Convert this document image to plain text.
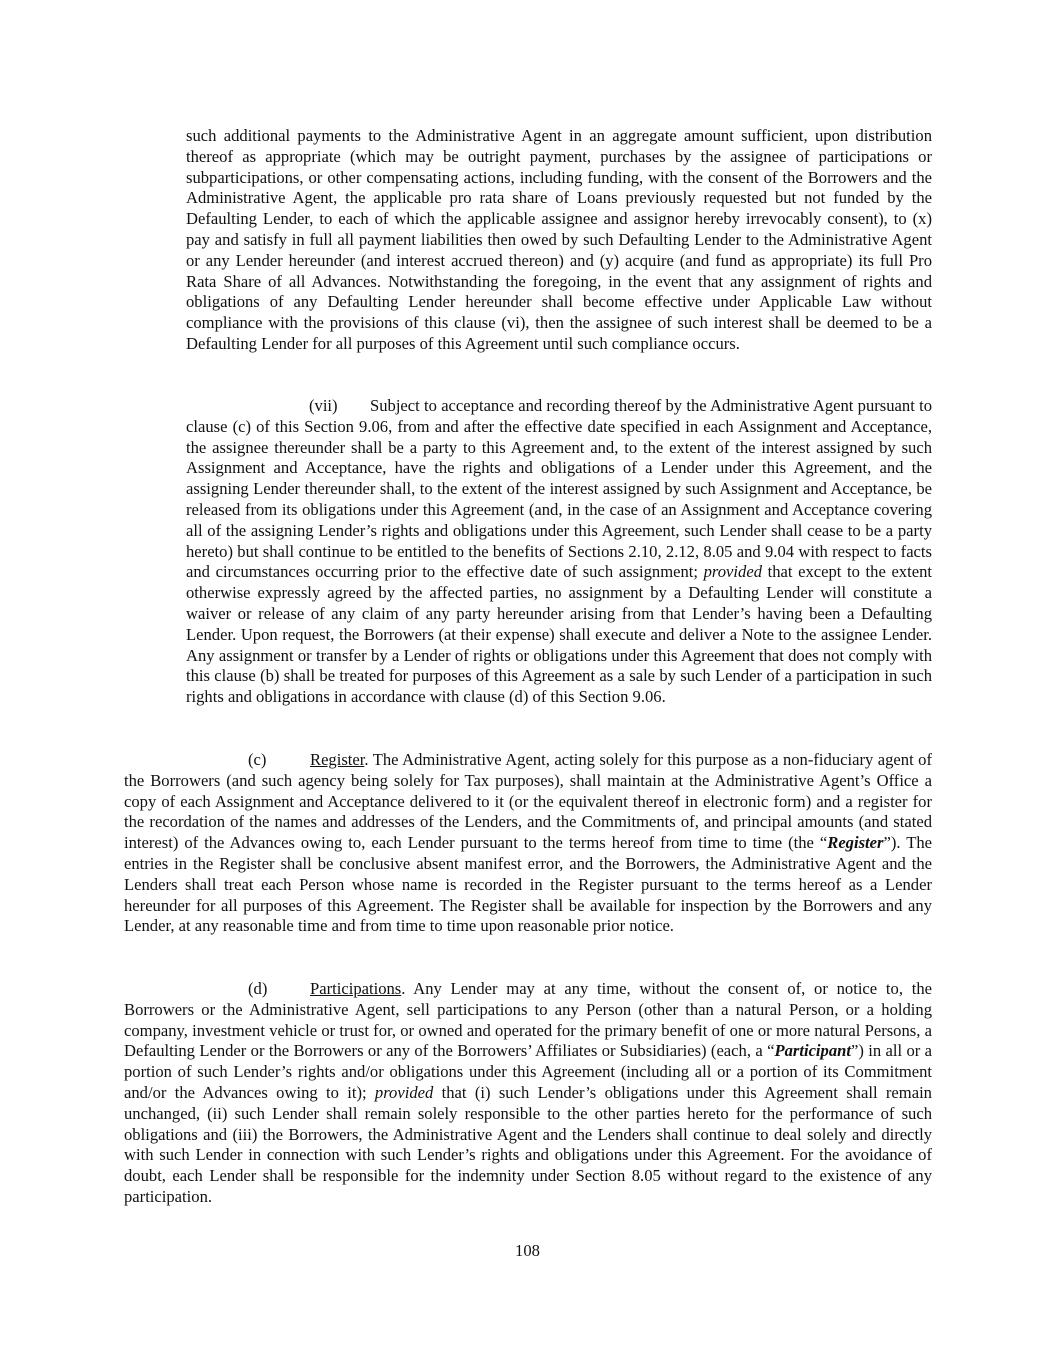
such additional payments to the Administrative Agent in an aggregate amount sufficient, upon distribution thereof as appropriate (which may be outright payment, purchases by the assignee of participations or subparticipations, or other compensating actions, including funding, with the consent of the Borrowers and the Administrative Agent, the applicable pro rata share of Loans previously requested but not funded by the Defaulting Lender, to each of which the applicable assignee and assignor hereby irrevocably consent), to (x) pay and satisfy in full all payment liabilities then owed by such Defaulting Lender to the Administrative Agent or any Lender hereunder (and interest accrued thereon) and (y) acquire (and fund as appropriate) its full Pro Rata Share of all Advances. Notwithstanding the foregoing, in the event that any assignment of rights and obligations of any Defaulting Lender hereunder shall become effective under Applicable Law without compliance with the provisions of this clause (vi), then the assignee of such interest shall be deemed to be a Defaulting Lender for all purposes of this Agreement until such compliance occurs.

(vii) Subject to acceptance and recording thereof by the Administrative Agent pursuant to clause (c) of this Section 9.06, from and after the effective date specified in each Assignment and Acceptance, the assignee thereunder shall be a party to this Agreement and, to the extent of the interest assigned by such Assignment and Acceptance, have the rights and obligations of a Lender under this Agreement, and the assigning Lender thereunder shall, to the extent of the interest assigned by such Assignment and Acceptance, be released from its obligations under this Agreement (and, in the case of an Assignment and Acceptance covering all of the assigning Lender’s rights and obligations under this Agreement, such Lender shall cease to be a party hereto) but shall continue to be entitled to the benefits of Sections 2.10, 2.12, 8.05 and 9.04 with respect to facts and circumstances occurring prior to the effective date of such assignment; provided that except to the extent otherwise expressly agreed by the affected parties, no assignment by a Defaulting Lender will constitute a waiver or release of any claim of any party hereunder arising from that Lender’s having been a Defaulting Lender. Upon request, the Borrowers (at their expense) shall execute and deliver a Note to the assignee Lender. Any assignment or transfer by a Lender of rights or obligations under this Agreement that does not comply with this clause (b) shall be treated for purposes of this Agreement as a sale by such Lender of a participation in such rights and obligations in accordance with clause (d) of this Section 9.06.

(c)	Register. The Administrative Agent, acting solely for this purpose as a non-fiduciary agent of the Borrowers (and such agency being solely for Tax purposes), shall maintain at the Administrative Agent’s Office a copy of each Assignment and Acceptance delivered to it (or the equivalent thereof in electronic form) and a register for the recordation of the names and addresses of the Lenders, and the Commitments of, and principal amounts (and stated interest) of the Advances owing to, each Lender pursuant to the terms hereof from time to time (the “Register”). The entries in the Register shall be conclusive absent manifest error, and the Borrowers, the Administrative Agent and the Lenders shall treat each Person whose name is recorded in the Register pursuant to the terms hereof as a Lender hereunder for all purposes of this Agreement. The Register shall be available for inspection by the Borrowers and any Lender, at any reasonable time and from time to time upon reasonable prior notice.

(d)	Participations. Any Lender may at any time, without the consent of, or notice to, the Borrowers or the Administrative Agent, sell participations to any Person (other than a natural Person, or a holding company, investment vehicle or trust for, or owned and operated for the primary benefit of one or more natural Persons, a Defaulting Lender or the Borrowers or any of the Borrowers’ Affiliates or Subsidiaries) (each, a “Participant”) in all or a portion of such Lender’s rights and/or obligations under this Agreement (including all or a portion of its Commitment and/or the Advances owing to it); provided that (i) such Lender’s obligations under this Agreement shall remain unchanged, (ii) such Lender shall remain solely responsible to the other parties hereto for the performance of such obligations and (iii) the Borrowers, the Administrative Agent and the Lenders shall continue to deal solely and directly with such Lender in connection with such Lender’s rights and obligations under this Agreement. For the avoidance of doubt, each Lender shall be responsible for the indemnity under Section 8.05 without regard to the existence of any participation.

108
